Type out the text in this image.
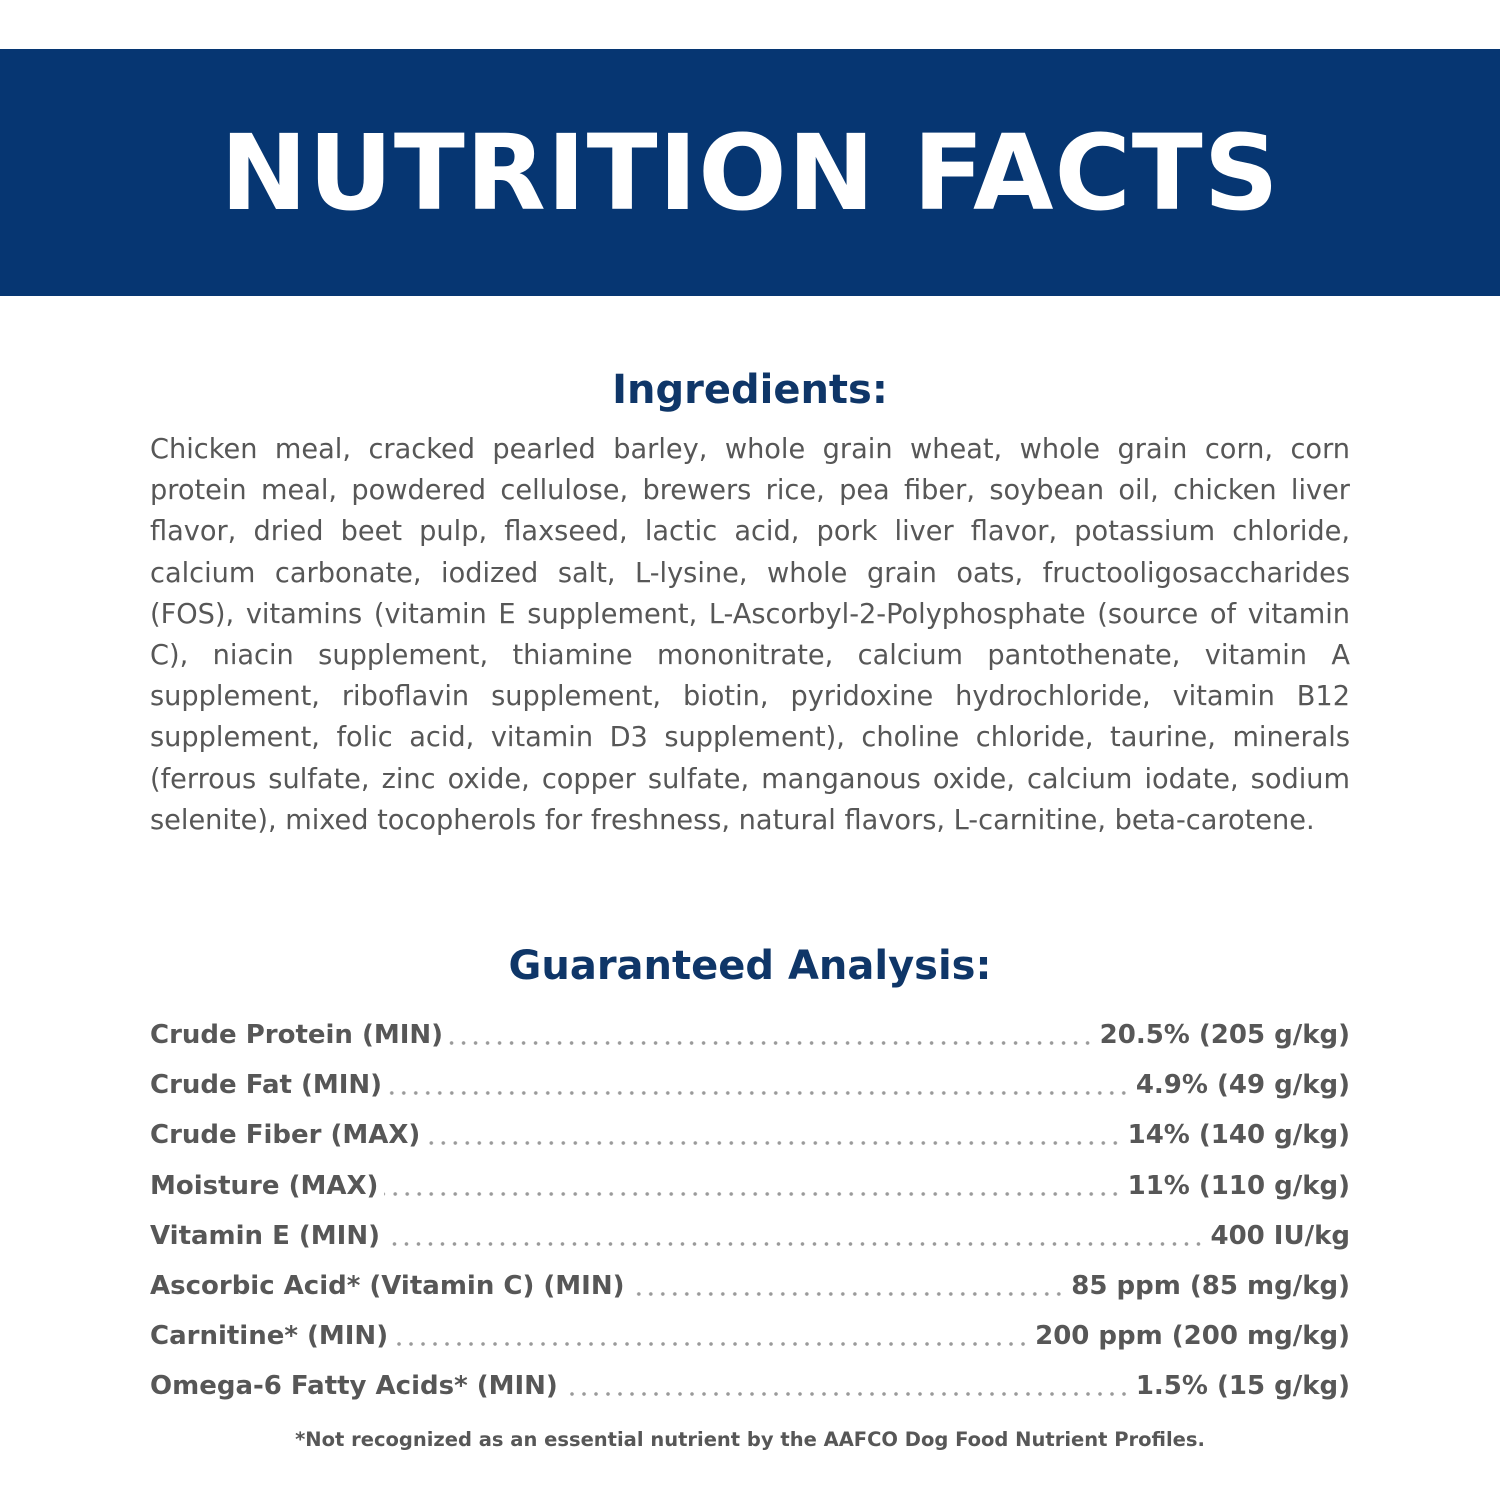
NUTRITION FACTS
Ingredients:

Chicken meal, cracked pearled barley, whole grain wheat, whole grain corn, corn protein meal, powdered cellulose, brewers rice, pea fiber, soybean oil, chicken liver flavor, dried beet pulp, flaxseed, lactic acid, pork liver flavor, potassium chloride, calcium carbonate, iodized salt, L-lysine, whole grain oats, fructooligosaccharides (FOS), vitamins (vitamin E supplement, L-Ascorbyl-2-Polyphosphate (source of vitamin C), niacin supplement, thiamine mononitrate, calcium pantothenate, vitamin A supplement, riboflavin supplement, biotin, pyridoxine hydrochloride, vitamin B12 supplement, folic acid, vitamin D3 supplement), choline chloride, taurine, minerals (ferrous sulfate, zinc oxide, copper sulfate, manganous oxide, calcium iodate, sodium selenite), mixed tocopherols for freshness, natural flavors, L-carnitine, beta-carotene.

Guaranteed Analysis:
Crude Protein (MIN)	20.5% (205 g/kg)
Crude Fat (MIN)	4.9% (49 g/kg)
Crude Fiber (MAX)	14% (140 g/kg)
Moisture (MAX)	11% (110 g/kg)
Vitamin E (MIN)	400 IU/kg
Ascorbic Acid* (Vitamin C) (MIN)	85 ppm (85 mg/kg)
Carnitine* (MIN)	200 ppm (200 mg/kg)
Omega-6 Fatty Acids* (MIN)	1.5% (15 g/kg)

*Not recognized as an essential nutrient by the AAFCO Dog Food Nutrient Profiles.
